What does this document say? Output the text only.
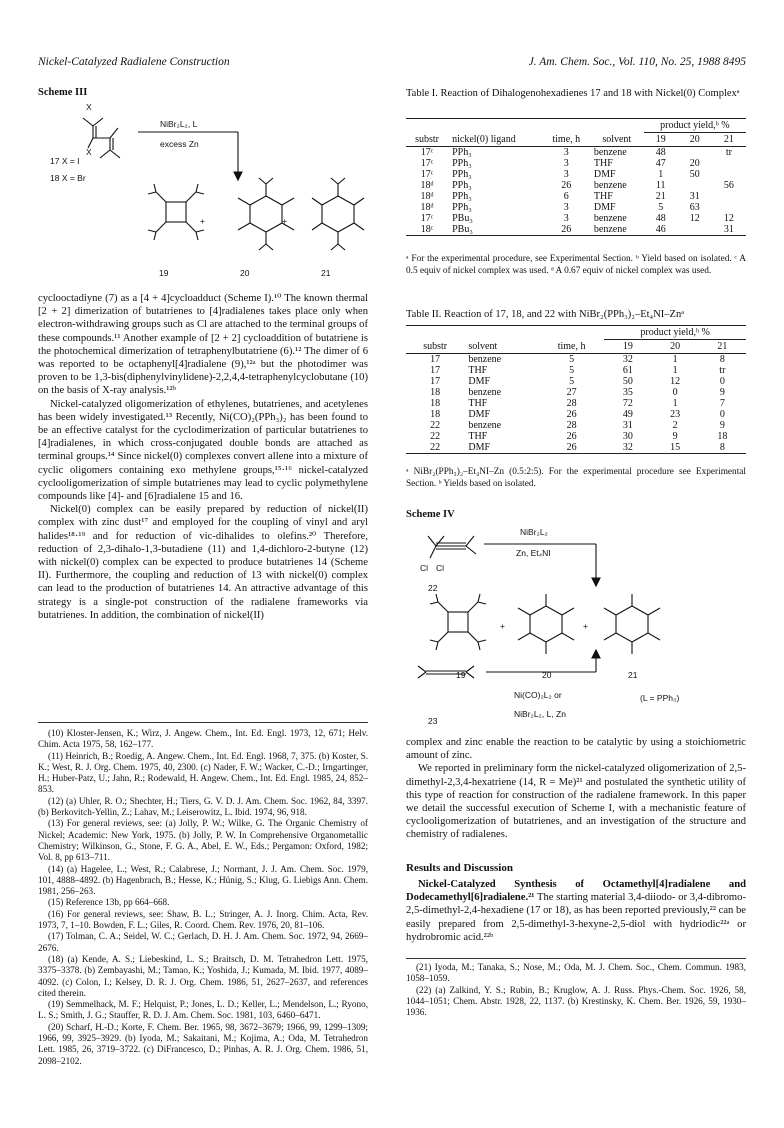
Nickel-Catalyzed Radialene Construction	J. Am. Chem. Soc., Vol. 110, No. 25, 1988 8495
Scheme III
X
X
NiBr₂L₂, L
excess Zn
17 X = I
18 X = Br
+	+
19	20	21

cyclooctadiyne (7) as a [4 + 4]cycloadduct (Scheme I).¹⁰ The known thermal [2 + 2] dimerization of butatrienes to [4]radialenes takes place only when electron-withdrawing groups such as Cl are attached to the terminal groups of these compounds.¹¹ Another example of [2 + 2] cycloaddition of butatriene is the photochemical dimerization of tetraphenylbutatriene (6).¹² The dimer of 6 was reported to be octaphenyl[4]radialene (9),¹²ᵃ but the photodimer was proven to be 1,3-bis(diphenylvinylidene)-2,2,4,4-tetraphenylcyclobutane (10) on the basis of X-ray analysis.¹²ᵇ

Nickel-catalyzed oligomerization of ethylenes, butatrienes, and acetylenes has been widely investigated.¹³ Recently, Ni(CO)₂(PPh₃)₂ has been found to be an effective catalyst for the cyclodimerization of particular butatrienes to [4]radialenes, in which cross-conjugated double bonds are attached as terminal groups.¹⁴ Since nickel(0) complexes convert allene into a mixture of cyclic oligomers containing exo methylene groups,¹⁵·¹⁶ nickel-catalyzed cyclooligomerization of simple butatrienes may lead to cyclic polymethylene compounds like [4]- and [6]radialene 15 and 16.

Nickel(0) complex can be easily prepared by reduction of nickel(II) complex with zinc dust¹⁷ and employed for the coupling of vinyl and aryl halides¹⁸·¹⁹ and for reduction of vic-dihalides to olefins.²⁰ Therefore, reduction of 2,3-dihalo-1,3-butadiene (11) and 1,4-dichloro-2-butyne (12) with nickel(0) complex can be expected to produce butatrienes 14 (Scheme II). Furthermore, the coupling and reduction of 13 with nickel(0) complex can lead to the production of butatrienes 14. An attractive advantage of this strategy is a single-pot construction of the radialene frameworks via butatrienes. In addition, the combination of nickel(II)

(10) Kloster-Jensen, K.; Wirz, J. Angew. Chem., Int. Ed. Engl. 1973, 12, 671; Helv. Chim. Acta 1975, 58, 162–177.

(11) Heinrich, B.; Roedig, A. Angew. Chem., Int. Ed. Engl. 1968, 7, 375. (b) Koster, S. K.; West, R. J. Org. Chem. 1975, 40, 2300. (c) Nader, F. W.; Wacker, C.-D.; Irngartinger, H.; Huber-Patz, U.; Jahn, R.; Rodewald, H. Angew. Chem., Int. Ed. Engl. 1985, 24, 852–853.

(12) (a) Uhler, R. O.; Shechter, H.; Tiers, G. V. D. J. Am. Chem. Soc. 1962, 84, 3397. (b) Berkovitch-Yellin, Z.; Lahav, M.; Leiserowitz, L. Ibid. 1974, 96, 918.

(13) For general reviews, see: (a) Jolly, P. W.; Wilke, G. The Organic Chemistry of Nickel; Academic: New York, 1975. (b) Jolly, P. W. In Comprehensive Organometallic Chemistry; Wilkinson, G., Stone, F. G. A., Abel, E. W., Eds.; Pergamon: Oxford, 1982; Vol. 8, pp 613–711.

(14) (a) Hagelee, L.; West, R.; Calabrese, J.; Normant, J. J. Am. Chem. Soc. 1979, 101, 4888–4892. (b) Hagenbrach, B.; Hesse, K.; Hünig, S.; Klug, G. Liebigs Ann. Chem. 1981, 256–263.

(15) Reference 13b, pp 664–668.

(16) For general reviews, see: Shaw, B. L.; Stringer, A. J. Inorg. Chim. Acta, Rev. 1973, 7, 1–10. Bowden, F. L.; Giles, R. Coord. Chem. Rev. 1976, 20, 81–106.

(17) Tolman, C. A.; Seidel, W. C.; Gerlach, D. H. J. Am. Chem. Soc. 1972, 94, 2669–2676.

(18) (a) Kende, A. S.; Liebeskind, L. S.; Braitsch, D. M. Tetrahedron Lett. 1975, 3375–3378. (b) Zembayashi, M.; Tamao, K.; Yoshida, J.; Kumada, M. Ibid. 1977, 4089–4092. (c) Colon, I.; Kelsey, D. R. J. Org. Chem. 1986, 51, 2627–2637, and references cited therein.

(19) Semmelhack, M. F.; Helquist, P.; Jones, L. D.; Keller, L.; Mendelson, L.; Ryono, L. S.; Smith, J. G.; Stauffer, R. D. J. Am. Chem. Soc. 1981, 103, 6460–6471.

(20) Scharf, H.-D.; Korte, F. Chem. Ber. 1965, 98, 3672–3679; 1966, 99, 1299–1309; 1966, 99, 3925–3929. (b) Iyoda, M.; Sakaitani, M.; Kojima, A.; Oda, M. Tetrahedron Lett. 1985, 26, 3719–3722. (c) DiFrancesco, D.; Pinhas, A. R. J. Org. Chem. 1986, 51, 2098–2102.

Table I. Reaction of Dihalogenohexadienes 17 and 18 with Nickel(0) Complexᵃ
				product yield,ᵇ %		
substr	nickel(0) ligand	time, h	solvent	19	20	21
17ᶜ	PPh₃	3	benzene	48		tr
17ᶜ	PPh₃	3	THF	47	20	
17ᶜ	PPh₃	3	DMF	1	50	
18ᵈ	PPh₃	26	benzene	11		56
18ᵈ	PPh₃	6	THF	21	31	
18ᵈ	PPh₃	3	DMF	5	63	
17ᶜ	PBu₃	3	benzene	48	12	12
18ᶜ	PBu₃	26	benzene	46		31
ᵃ For the experimental procedure, see Experimental Section. ᵇ Yield based on isolated. ᶜ A 0.5 equiv of nickel complex was used. ᵈ A 0.67 equiv of nickel complex was used.
Table II. Reaction of 17, 18, and 22 with NiBr₂(PPh₃)₂–Et₄NI–Znᵃ
			product yield,ᵇ %		
substr	solvent	time, h	19	20	21
17	benzene	5	32	1	8
17	THF	5	61	1	tr
17	DMF	5	50	12	0
18	benzene	27	35	0	9
18	THF	28	72	1	7
18	DMF	26	49	23	0
22	benzene	28	31	2	9
22	THF	26	30	9	18
22	DMF	26	32	15	8
ᵃ NiBr₂(PPh₃)₂–Et₄NI–Zn (0.5:2:5). For the experimental procedure see Experimental Section. ᵇ Yields based on isolated.
Scheme IV
Cl Cl
NiBr₂L₂
Zn, Et₄NI
22
+	+
19	20	21
Ni(CO)₂L₂ or	(L = PPh₃)
NiBr₂L₂, L, Zn
23

complex and zinc enable the reaction to be catalytic by using a stoichiometric amount of zinc.

We reported in preliminary form the nickel-catalyzed oligomerization of 2,5-dimethyl-2,3,4-hexatriene (14, R = Me)²¹ and postulated the synthetic utility of this type of reaction for construction of the radialene framework. In this paper we detail the successful execution of Scheme I, with a mechanistic feature of cyclooligomerization of butatrienes, and an investigation of the structure and chemistry of radialenes.

Results and Discussion
Nickel-Catalyzed Synthesis of Octamethyl[4]radialene and Dodecamethyl[6]radialene.²¹ The starting material 3,4-diiodo- or 3,4-dibromo-2,5-dimethyl-2,4-hexadiene (17 or 18), as has been reported previously,²² can be easily prepared from 2,5-dimethyl-3-hexyne-2,5-diol with hydriodic²²ᵃ or hydrobromic acid.²²ᵇ

(21) Iyoda, M.; Tanaka, S.; Nose, M.; Oda, M. J. Chem. Soc., Chem. Commun. 1983, 1058–1059.

(22) (a) Zalkind, Y. S.; Rubin, B.; Kruglow, A. J. Russ. Phys.-Chem. Soc. 1926, 58, 1044–1051; Chem. Abstr. 1928, 22, 1137. (b) Krestinsky, K. Chem. Ber. 1926, 59, 1930–1936.
